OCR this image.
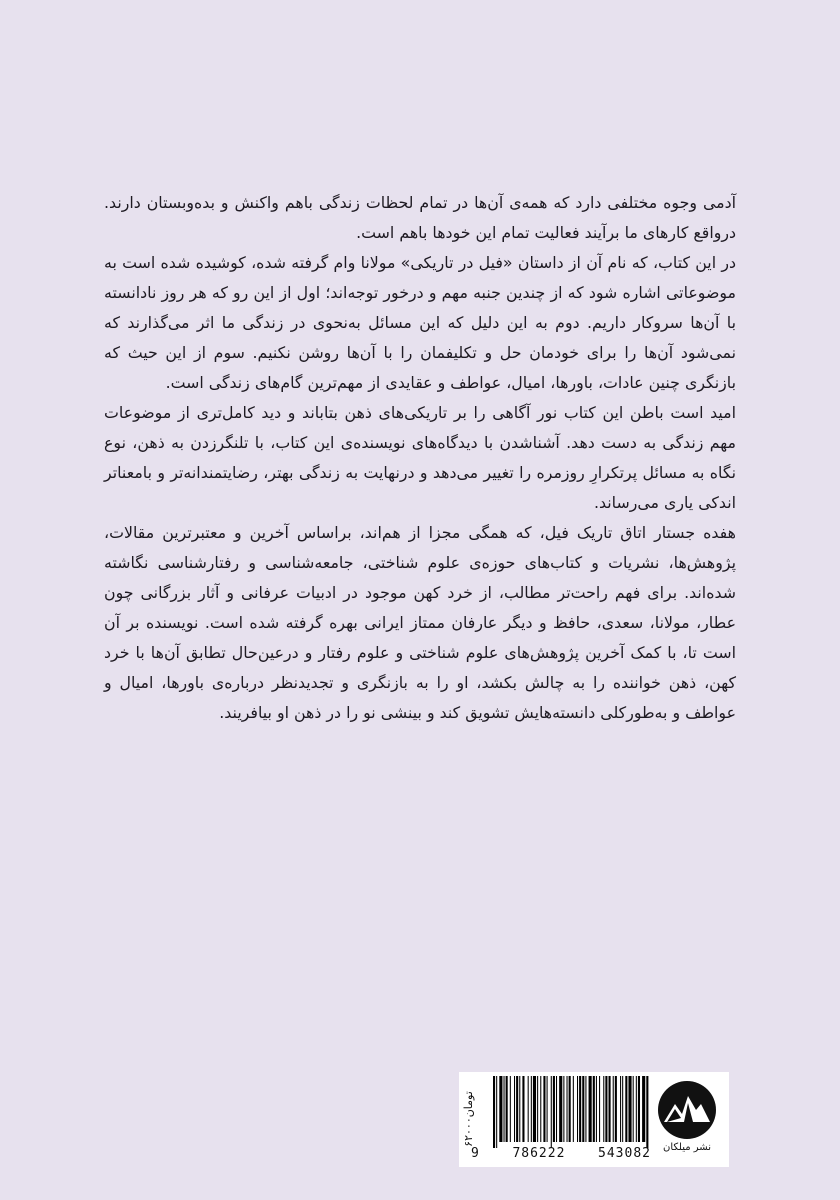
آدمی وجوه مختلفی دارد که همه‌ی آن‌ها در تمام لحظات زندگی باهم واکنش و بده‌وبستان دارند. درواقع کارهای ما برآیند فعالیت تمام این خودها باهم است.

در این کتاب، که نام آن از داستان «فیل در تاریکی» مولانا وام گرفته شده، کوشیده شده است به موضوعاتی اشاره شود که از چندین جنبه مهم و درخور توجه‌اند؛ اول از این رو که هر روز نادانسته با آن‌ها سروکار داریم. دوم به این دلیل که این مسائل به‌نحوی در زندگی ما اثر می‌گذارند که نمی‌شود آن‌ها را برای خودمان حل و تکلیفمان را با آن‌ها روشن نکنیم. سوم از این حیث که بازنگری چنین عادات، باورها، امیال، عواطف و عقایدی از مهم‌ترین گام‌های زندگی است.

امید است باطن این کتاب نور آگاهی را بر تاریکی‌های ذهن بتاباند و دید کامل‌تری از موضوعات مهم زندگی به دست دهد. آشناشدن با دیدگاه‌های نویسنده‌ی این کتاب، با تلنگرزدن به ذهن، نوع نگاه به مسائل پرتکرارِ روزمره را تغییر می‌دهد و درنهایت به زندگی بهتر، رضایتمندانه‌تر و بامعناتر اندکی یاری می‌رساند.

هفده جستار اتاق تاریک فیل، که همگی مجزا از هم‌اند، براساس آخرین و معتبرترین مقالات، پژوهش‌ها، نشریات و کتاب‌های حوزه‌ی علوم شناختی، جامعه‌شناسی و رفتارشناسی نگاشته شده‌اند. برای فهم راحت‌تر مطالب، از خرد کهن موجود در ادبیات عرفانی و آثار بزرگانی چون عطار، مولانا، سعدی، حافظ و دیگر عارفان ممتاز ایرانی بهره گرفته شده است. نویسنده بر آن است تا، با کمک آخرین پژوهش‌های علوم شناختی و علوم رفتار و درعین‌حال تطابق آن‌ها با خرد کهن، ذهن خواننده را به چالش بکشد، او را به بازنگری و تجدیدنظر درباره‌ی باورها، امیال و عواطف و به‌طورکلی دانسته‌هایش تشویق کند و بینشی نو را در ذهن او بیافریند.

۶۲۰۰۰تومان
9	786222	543082	نشر میلکان
